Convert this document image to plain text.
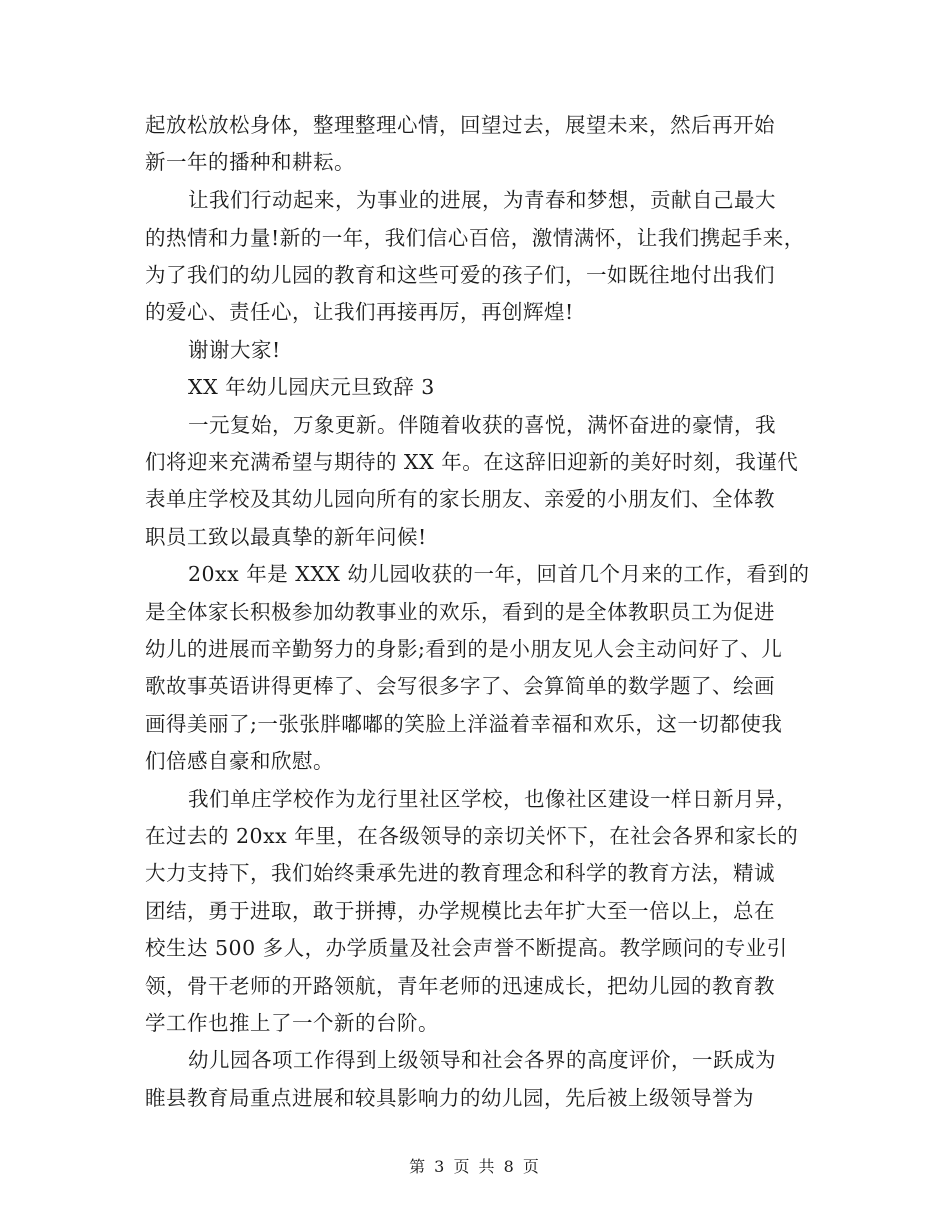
起放松放松身体，整理整理心情，回望过去，展望未来，然后再开始
新一年的播种和耕耘。
让我们行动起来，为事业的进展，为青春和梦想，贡献自己最大
的热情和力量!新的一年，我们信心百倍，激情满怀，让我们携起手来，
为了我们的幼儿园的教育和这些可爱的孩子们，一如既往地付出我们
的爱心、责任心，让我们再接再厉，再创辉煌!
谢谢大家!
XX 年幼儿园庆元旦致辞 3
一元复始，万象更新。伴随着收获的喜悦，满怀奋进的豪情，我
们将迎来充满希望与期待的 XX 年。在这辞旧迎新的美好时刻，我谨代
表单庄学校及其幼儿园向所有的家长朋友、亲爱的小朋友们、全体教
职员工致以最真挚的新年问候!
20xx 年是 XXX 幼儿园收获的一年，回首几个月来的工作，看到的
是全体家长积极参加幼教事业的欢乐，看到的是全体教职员工为促进
幼儿的进展而辛勤努力的身影;看到的是小朋友见人会主动问好了、儿
歌故事英语讲得更棒了、会写很多字了、会算简单的数学题了、绘画
画得美丽了;一张张胖嘟嘟的笑脸上洋溢着幸福和欢乐，这一切都使我
们倍感自豪和欣慰。
我们单庄学校作为龙行里社区学校，也像社区建设一样日新月异，
在过去的 20xx 年里，在各级领导的亲切关怀下，在社会各界和家长的
大力支持下，我们始终秉承先进的教育理念和科学的教育方法，精诚
团结，勇于进取，敢于拼搏，办学规模比去年扩大至一倍以上，总在
校生达 500 多人，办学质量及社会声誉不断提高。教学顾问的专业引
领，骨干老师的开路领航，青年老师的迅速成长，把幼儿园的教育教
学工作也推上了一个新的台阶。
幼儿园各项工作得到上级领导和社会各界的高度评价，一跃成为
睢县教育局重点进展和较具影响力的幼儿园，先后被上级领导誉为
第 3 页 共 8 页
